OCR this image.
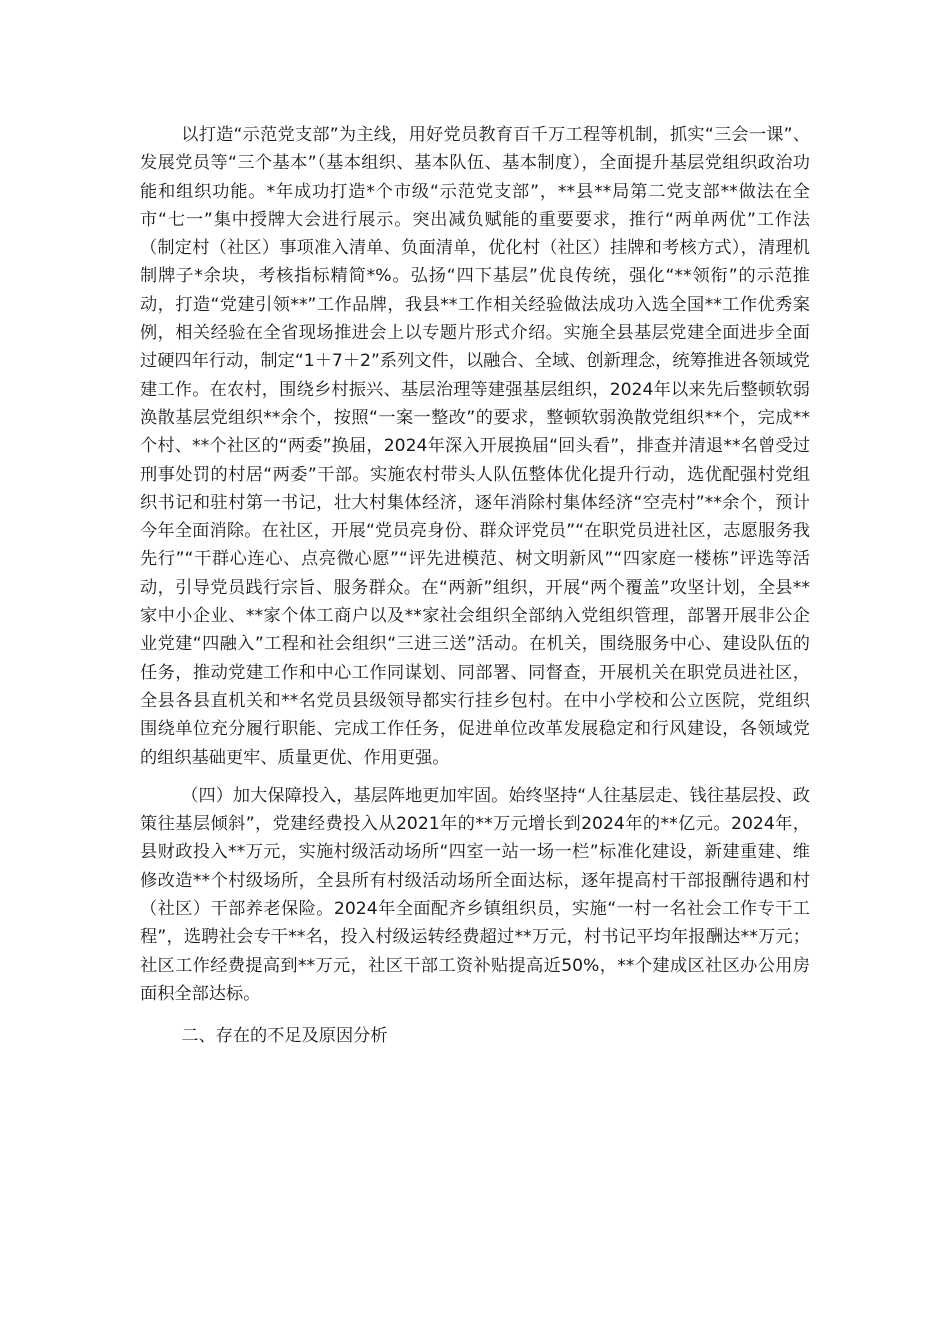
以打造“示范党支部”为主线，用好党员教育百千万工程等机制，抓实“三会一课”、发展党员等“三个基本”（基本组织、基本队伍、基本制度），全面提升基层党组织政治功能和组织功能。*年成功打造*个市级“示范党支部”，**县**局第二党支部**做法在全市“七一”集中授牌大会进行展示。突出减负赋能的重要要求，推行“两单两优”工作法（制定村（社区）事项准入清单、负面清单，优化村（社区）挂牌和考核方式），清理机制牌子*余块，考核指标精简*%。弘扬“四下基层”优良传统，强化“**领衔”的示范推动，打造“党建引领**”工作品牌，我县**工作相关经验做法成功入选全国**工作优秀案例，相关经验在全省现场推进会上以专题片形式介绍。实施全县基层党建全面进步全面过硬四年行动，制定“1＋7＋2”系列文件，以融合、全域、创新理念，统筹推进各领域党建工作。在农村，围绕乡村振兴、基层治理等建强基层组织，2024年以来先后整顿软弱涣散基层党组织**余个，按照“一案一整改”的要求，整顿软弱涣散党组织**个，完成**个村、**个社区的“两委”换届，2024年深入开展换届“回头看”，排查并清退**名曾受过刑事处罚的村居“两委”干部。实施农村带头人队伍整体优化提升行动，选优配强村党组织书记和驻村第一书记，壮大村集体经济，逐年消除村集体经济“空壳村”**余个，预计今年全面消除。在社区，开展“党员亮身份、群众评党员”“在职党员进社区，志愿服务我先行”“干群心连心、点亮微心愿”“评先进模范、树文明新风”“四家庭一楼栋”评选等活动，引导党员践行宗旨、服务群众。在“两新”组织，开展“两个覆盖”攻坚计划，全县**家中小企业、**家个体工商户以及**家社会组织全部纳入党组织管理，部署开展非公企业党建“四融入”工程和社会组织“三进三送”活动。在机关，围绕服务中心、建设队伍的任务，推动党建工作和中心工作同谋划、同部署、同督查，开展机关在职党员进社区，全县各县直机关和**名党员县级领导都实行挂乡包村。在中小学校和公立医院，党组织围绕单位充分履行职能、完成工作任务，促进单位改革发展稳定和行风建设，各领域党的组织基础更牢、质量更优、作用更强。

（四）加大保障投入，基层阵地更加牢固。始终坚持“人往基层走、钱往基层投、政策往基层倾斜”，党建经费投入从2021年的**万元增长到2024年的**亿元。2024年，县财政投入**万元，实施村级活动场所“四室一站一场一栏”标准化建设，新建重建、维修改造**个村级场所，全县所有村级活动场所全面达标，逐年提高村干部报酬待遇和村（社区）干部养老保险。2024年全面配齐乡镇组织员，实施“一村一名社会工作专干工程”，选聘社会专干**名，投入村级运转经费超过**万元，村书记平均年报酬达**万元；社区工作经费提高到**万元，社区干部工资补贴提高近50%，**个建成区社区办公用房面积全部达标。

二、存在的不足及原因分析
